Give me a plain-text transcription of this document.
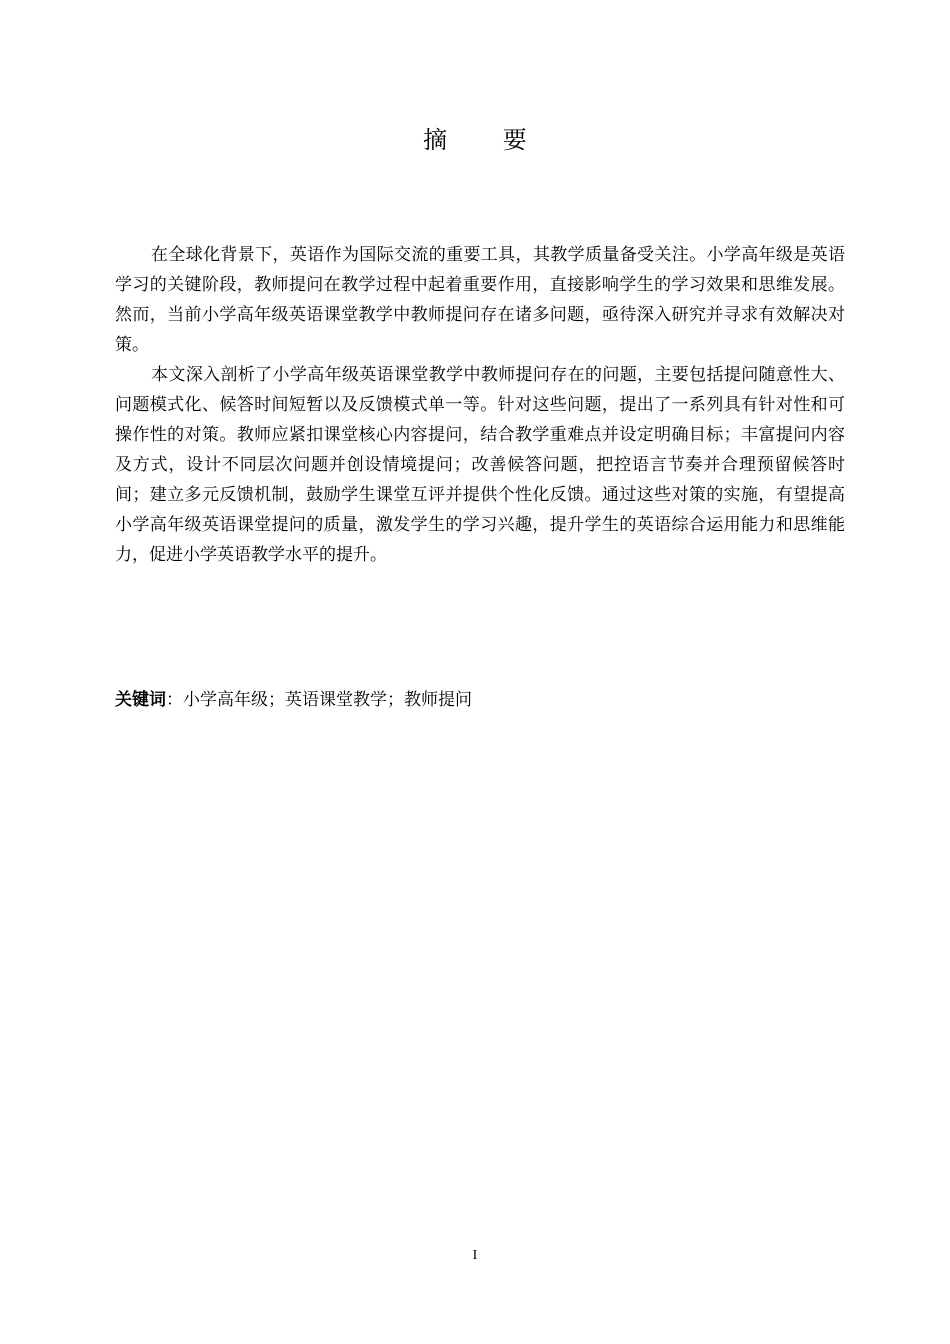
摘 要

在全球化背景下，英语作为国际交流的重要工具，其教学质量备受关注。小学高年级是英语学习的关键阶段，教师提问在教学过程中起着重要作用，直接影响学生的学习效果和思维发展。然而，当前小学高年级英语课堂教学中教师提问存在诸多问题，亟待深入研究并寻求有效解决对策。

本文深入剖析了小学高年级英语课堂教学中教师提问存在的问题，主要包括提问随意性大、问题模式化、候答时间短暂以及反馈模式单一等。针对这些问题，提出了一系列具有针对性和可操作性的对策。教师应紧扣课堂核心内容提问，结合教学重难点并设定明确目标；丰富提问内容及方式，设计不同层次问题并创设情境提问；改善候答问题，把控语言节奏并合理预留候答时间；建立多元反馈机制，鼓励学生课堂互评并提供个性化反馈。通过这些对策的实施，有望提高小学高年级英语课堂提问的质量，激发学生的学习兴趣，提升学生的英语综合运用能力和思维能力，促进小学英语教学水平的提升。

关键词：小学高年级；英语课堂教学；教师提问
I
